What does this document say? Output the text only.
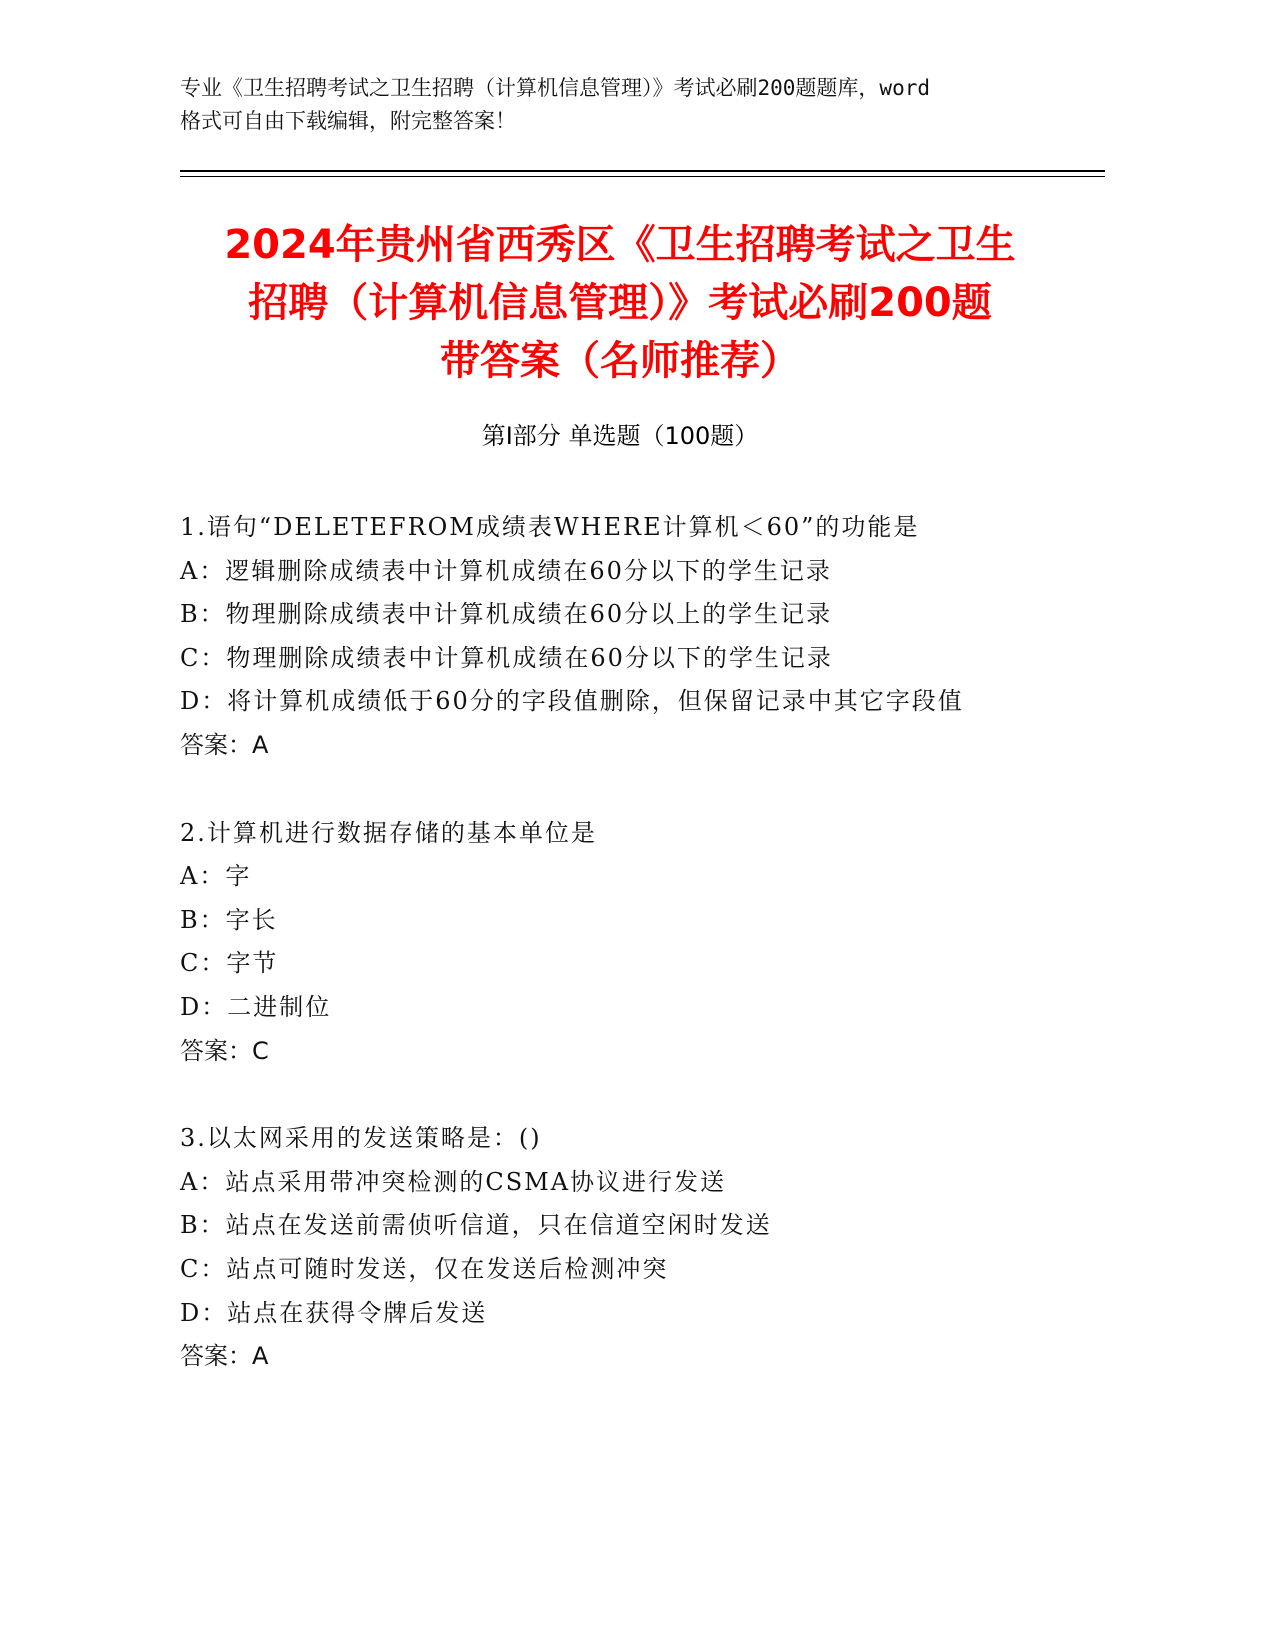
专业《卫生招聘考试之卫生招聘（计算机信息管理）》考试必刷200题题库，word
格式可自由下载编辑，附完整答案！
2024年贵州省西秀区《卫生招聘考试之卫生
招聘（计算机信息管理）》考试必刷200题
带答案（名师推荐）
第Ⅰ部分 单选题（100题）
1.语句“DELETEFROM成绩表WHERE计算机＜60”的功能是
A：逻辑删除成绩表中计算机成绩在60分以下的学生记录
B：物理删除成绩表中计算机成绩在60分以上的学生记录
C：物理删除成绩表中计算机成绩在60分以下的学生记录
D：将计算机成绩低于60分的字段值删除，但保留记录中其它字段值
答案：A
2.计算机进行数据存储的基本单位是
A：字
B：字长
C：字节
D：二进制位
答案：C
3.以太网采用的发送策略是：()
A：站点采用带冲突检测的CSMA协议进行发送
B：站点在发送前需侦听信道，只在信道空闲时发送
C：站点可随时发送，仅在发送后检测冲突
D：站点在获得令牌后发送
答案：A
